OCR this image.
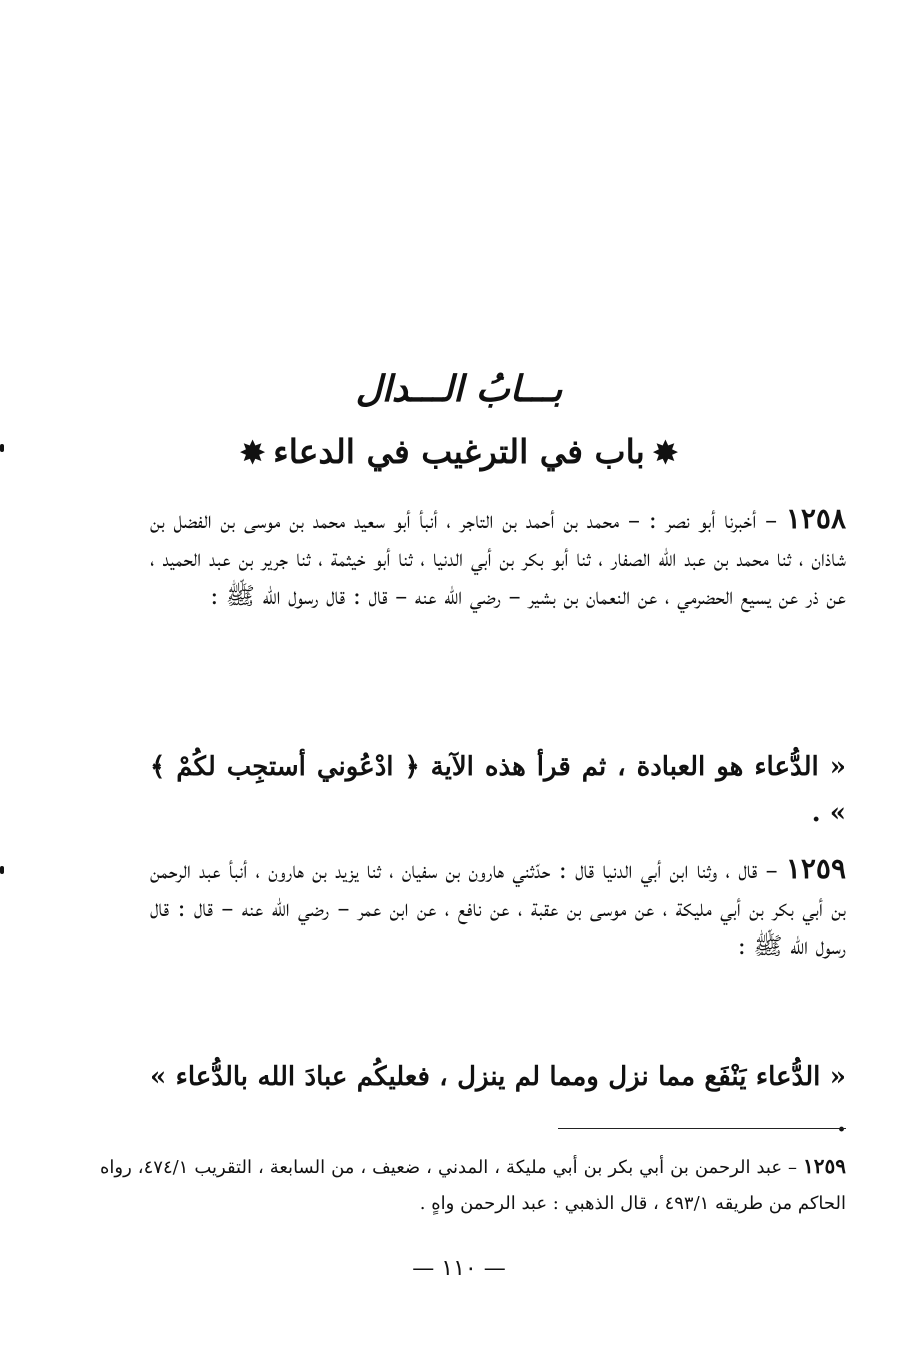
بـــابُ الـــدال
✸باب في الترغيب في الدعاء✸

١٢٥٨ – أخبرنا أبو نصر : – محمد بن أحمد بن التاجر ، أنبأ أبو سعيد محمد بن موسى بن الفضل بن شاذان ، ثنا محمد بن عبد الله الصفار ، ثنا أبو بكر بن أبي الدنيا ، ثنا أبو خيثمة ، ثنا جرير بن عبد الحميد ، عن ذر عن يسيع الحضرمي ، عن النعمان بن بشير – رضي الله عنه – قال : قال رسول الله ﷺ :

« الدُّعاء هو العبادة ، ثم قرأ هذه الآية ﴿ ادْعُوني أستجِب لكُمْ ﴾ » .

١٢٥٩ – قال ، وثنا ابن أبي الدنيا قال : حدّثني هارون بن سفيان ، ثنا يزيد بن هارون ، أنبأ عبد الرحمن بن أبي بكر بن أبي مليكة ، عن موسى بن عقبة ، عن نافع ، عن ابن عمر – رضي الله عنه – قال : قال رسول الله ﷺ :

« الدُّعاء يَنْفَع مما نزل ومما لم ينزل ، فعليكُم عبادَ الله بالدُّعاء » .

١٢٥٩ – عبد الرحمن بن أبي بكر بن أبي مليكة ، المدني ، ضعيف ، من السابعة ، التقريب ٤٧٤/١، رواه الحاكم من طريقه ٤٩٣/١ ، قال الذهبي : عبد الرحمن واهٍ .

— ١١٠ —
